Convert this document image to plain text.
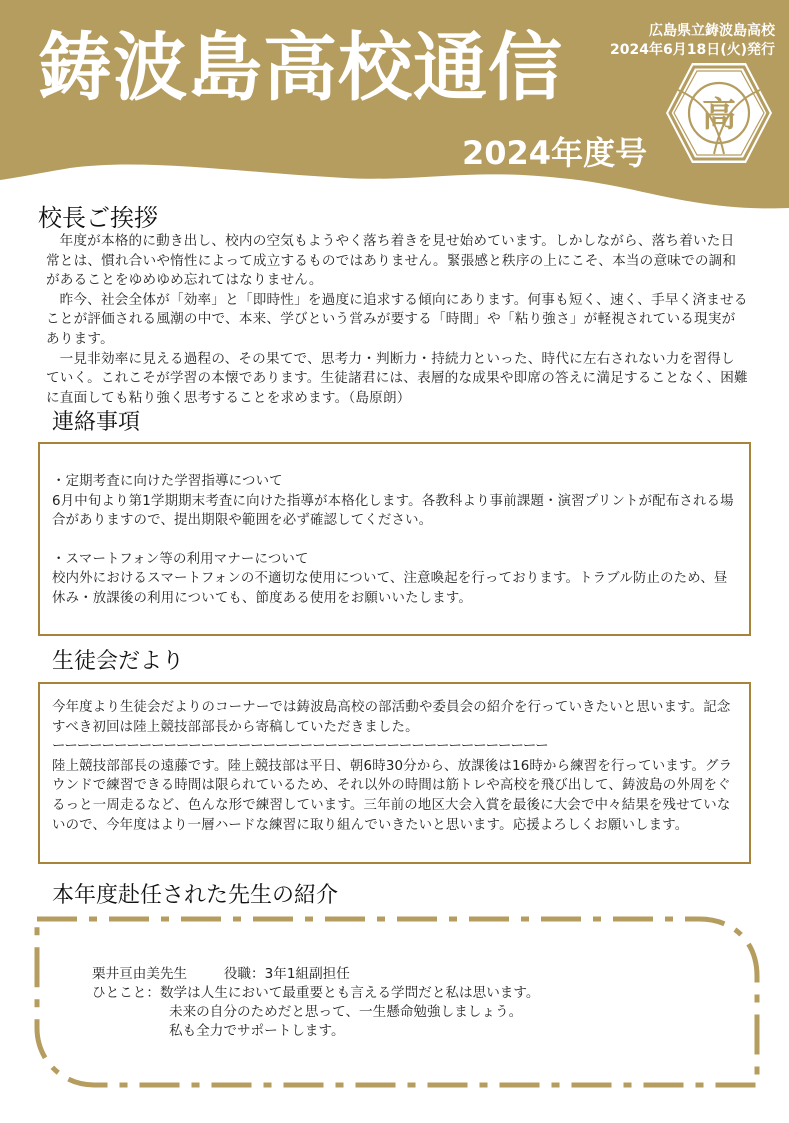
鋳波島高校通信
2024年度号
広島県立鋳波島高校
2024年6月18日(火)発行
高
校長ご挨拶

年度が本格的に動き出し、校内の空気もようやく落ち着きを見せ始めています。しかしながら、落ち着いた日常とは、慣れ合いや惰性によって成立するものではありません。緊張感と秩序の上にこそ、本当の意味での調和があることをゆめゆめ忘れてはなりません。

昨今、社会全体が「効率」と「即時性」を過度に追求する傾向にあります。何事も短く、速く、手早く済ませることが評価される風潮の中で、本来、学びという営みが要する「時間」や「粘り強さ」が軽視されている現実があります。

一見非効率に見える過程の、その果てで、思考力・判断力・持続力といった、時代に左右されない力を習得していく。これこそが学習の本懐であります。生徒諸君には、表層的な成果や即席の答えに満足することなく、困難に直面しても粘り強く思考することを求めます。（島原朗）

連絡事項

・定期考査に向けた学習指導について

6月中旬より第1学期期末考査に向けた指導が本格化します。各教科より事前課題・演習プリントが配布される場合がありますので、提出期限や範囲を必ず確認してください。

・スマートフォン等の利用マナーについて

校内外におけるスマートフォンの不適切な使用について、注意喚起を行っております。トラブル防止のため、昼休み・放課後の利用についても、節度ある使用をお願いいたします。

生徒会だより

今年度より生徒会だよりのコーナーでは鋳波島高校の部活動や委員会の紹介を行っていきたいと思います。記念すべき初回は陸上競技部部長から寄稿していただきました。

ーーーーーーーーーーーーーーーーーーーーーーーーーーーーーーーーーーーーーーーー

陸上競技部部長の遠藤です。陸上競技部は平日、朝6時30分から、放課後は16時から練習を行っています。グラウンドで練習できる時間は限られているため、それ以外の時間は筋トレや高校を飛び出して、鋳波島の外周をぐるっと一周走るなど、色んな形で練習しています。三年前の地区大会入賞を最後に大会で中々結果を残せていないので、今年度はより一層ハードな練習に取り組んでいきたいと思います。応援よろしくお願いします。

本年度赴任された先生の紹介
栗井亘由美先生	役職：3年1組副担任
ひとこと：数学は人生において最重要とも言える学問だと私は思います。
未来の自分のためだと思って、一生懸命勉強しましょう。
私も全力でサポートします。
